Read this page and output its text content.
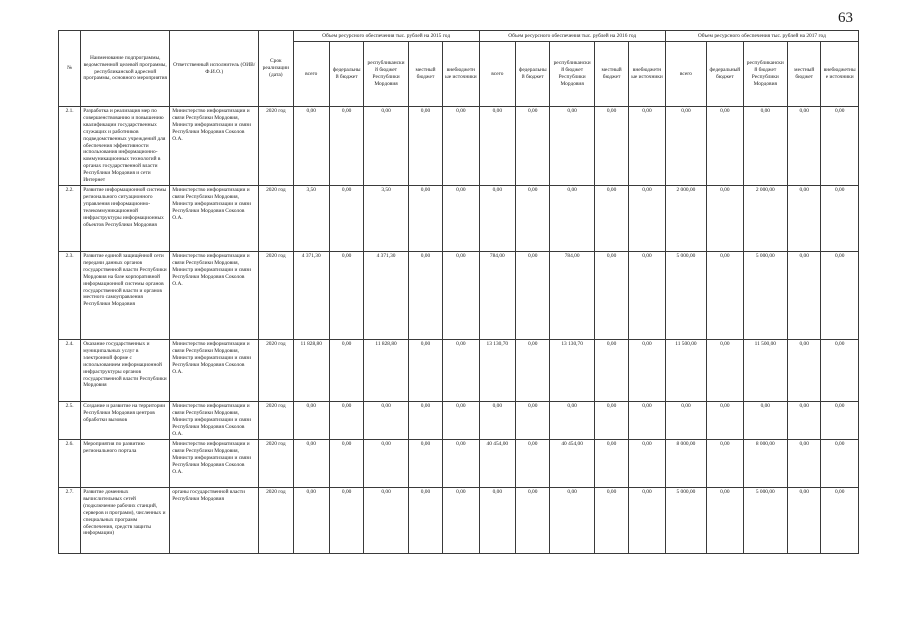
63
№	Наименование подпрограммы, ведомственной целевой программы, республиканской адресной программы, основного мероприятия	Ответственный исполнитель (ОИВ/Ф.И.О.)	Срок реализации (дата)	Объем ресурсного обеспечения тыс. рублей на 2015 год					Объем ресурсного обеспечения тыс. рублей на 2016 год					Объем ресурсного обеспечения тыс. рублей на 2017 год				
				всего	федеральный бюджет	республиканский бюджет Республики Мордовия	местный бюджет	внебюджетные источники	всего	федеральный бюджет	республиканский бюджет Республики Мордовия	местный бюджет	внебюджетные источники	всего	федеральный бюджет	республиканский бюджет Республики Мордовия	местный бюджет	внебюджетные источники
2.1.	Разработка и реализация мер по совершенствованию и повышению квалификации государственных служащих и работников подведомственных учреждений для обеспечения эффективности использования информационно-коммуникационных технологий в органах государственной власти Республики Мордовия и сети Интернет	Министерство информатизации и связи Республики Мордовия, Министр информатизации и связи Республики Мордовия Соколов О.А.	2020 год	0,00	0,00	0,00	0,00	0,00	0,00	0,00	0,00	0,00	0,00	0,00	0,00	0,00	0,00	0,00
2.2.	Развитие информационной системы регионального ситуационного управления информационно-телекоммуникационной инфраструктуры информационных объектов Республики Мордовия	Министерство информатизации и связи Республики Мордовия, Министр информатизации и связи Республики Мордовия Соколов О.А.	2020 год	3,50	0,00	3,50	0,00	0,00	0,00	0,00	0,00	0,00	0,00	2 000,00	0,00	2 000,00	0,00	0,00
2.3.	Развитие единой защищённой сети передачи данных органов государственной власти Республики Мордовия на базе корпоративной информационной системы органов государственной власти и органов местного самоуправления Республики Мордовия	Министерство информатизации и связи Республики Мордовия, Министр информатизации и связи Республики Мордовия Соколов О.А.	2020 год	4 371,30	0,00	4 371,30	0,00	0,00	784,00	0,00	784,00	0,00	0,00	5 000,00	0,00	5 000,00	0,00	0,00
2.4.	Оказание государственных и муниципальных услуг в электронной форме с использованием информационной инфраструктуры органов государственной власти Республики Мордовия	Министерство информатизации и связи Республики Мордовия, Министр информатизации и связи Республики Мордовия Соколов О.А.	2020 год	11 828,80	0,00	11 828,80	0,00	0,00	13 130,70	0,00	13 130,70	0,00	0,00	11 500,00	0,00	11 500,00	0,00	0,00
2.5.	Создание и развитие на территории Республики Мордовия центров обработки вызовов	Министерство информатизации и связи Республики Мордовия, Министр информатизации и связи Республики Мордовия Соколов О.А.	2020 год	0,00	0,00	0,00	0,00	0,00	0,00	0,00	0,00	0,00	0,00	0,00	0,00	0,00	0,00	0,00
2.6.	Мероприятия по развитию регионального портала	Министерство информатизации и связи Республики Мордовия, Министр информатизации и связи Республики Мордовия Соколов О.А.	2020 год	0,00	0,00	0,00	0,00	0,00	40 454,00	0,00	40 454,00	0,00	0,00	8 000,00	0,00	8 000,00	0,00	0,00
2.7.	Развитие доменных вычислительных сетей (подключение рабочих станций, серверов и программ), численных и специальных программ обеспечения, средств защиты информации)	органы государственной власти Республики Мордовия	2020 год	0,00	0,00	0,00	0,00	0,00	0,00	0,00	0,00	0,00	0,00	5 000,00	0,00	5 000,00	0,00	0,00
